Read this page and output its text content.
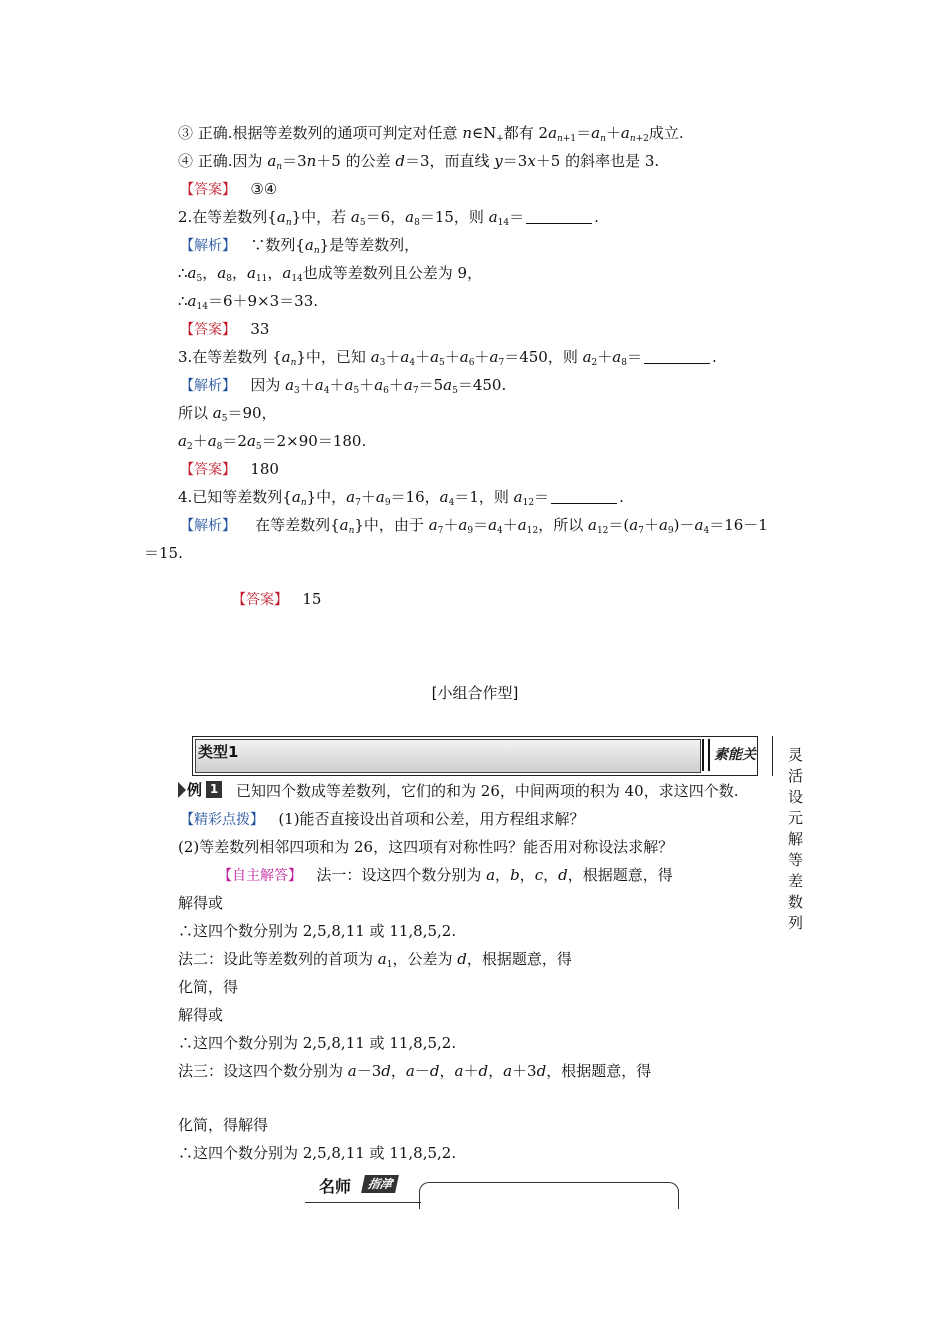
③ 正确.根据等差数列的通项可判定对任意 $n\in N_+$都有 $2a_{n+1}=a_n+a_{n+2}$成立.
④ 正确.因为 $a_n=3n+5$ 的公差 d＝3，而直线 y＝3x＋5 的斜率也是 3.
【答案】 ③④
2.在等差数列$\{a_n\}$中，若 $a_5=6$，$a_8=15$，则 $a_{14}=$	.
【解析】 ∵数列$\{a_n\}$是等差数列，
$\therefore a_5$，$a_8$，$a_{11}$，$a_{14}$也成等差数列且公差为 9，
$\therefore a_{14}=6+9\times 3=33$.
【答案】 33
3.在等差数列 $\{a_n\}$中，已知 $a_3+a_4+a_5+a_6+a_7=450$，则 $a_2+a_8=$	.
【解析】 因为 $a_3+a_4+a_5+a_6+a_7=5a_5=450$.
所以 $a_5=90$，
$a_2+a_8=2a_5=2\times 90=180$.
【答案】 180
4.已知等差数列$\{a_n\}$中，$a_7+a_9=16$，$a_4=1$，则 $a_{12}=$	.
【解析】 在等差数列$\{a_n\}$中，由于 $a_7+a_9=a_4+a_{12}$，所以 $a_{12}=(a_7+a_9)-a_4=16-1$
＝15.
【答案】 15
[小组合作型]
类型1	素能关 灵活设元解等差数列
例 1 已知四个数成等差数列，它们的和为 26，中间两项的积为 40，求这四个数.
【精彩点拨】 (1)能否直接设出首项和公差，用方程组求解？
(2)等差数列相邻四项和为 26，这四项有对称性吗？能否用对称设法求解？
【自主解答】 法一：设这四个数分别为 a，b，c，d，根据题意，得
解得或
∴这四个数分别为 2,5,8,11 或 11,8,5,2.
法二：设此等差数列的首项为 $a_1$，公差为 d，根据题意，得
化简，得
解得或
∴这四个数分别为 2,5,8,11 或 11,8,5,2.
法三：设这四个数分别为 a－3d，a－d，a＋d，a＋3d，根据题意，得
化简，得解得
∴这四个数分别为 2,5,8,11 或 11,8,5,2.
名师	指津
